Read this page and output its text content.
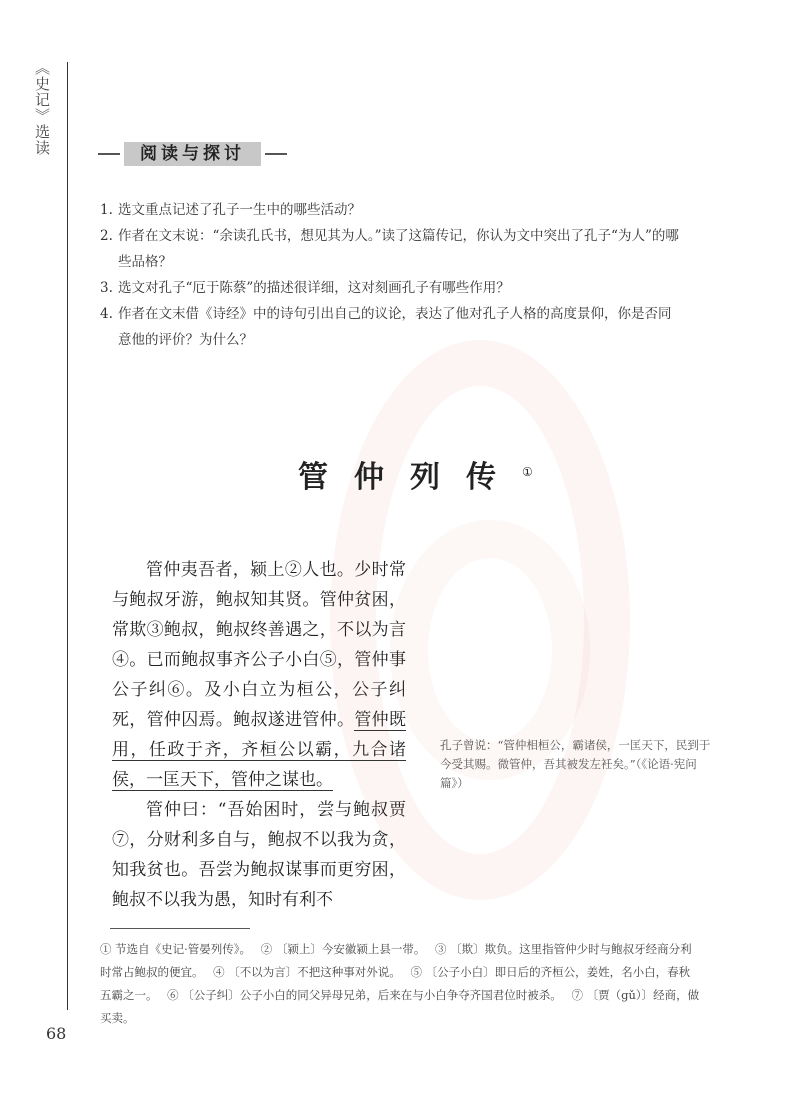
《史记》选读	阅读与探讨
1. 选文重点记述了孔子一生中的哪些活动？
2. 作者在文末说：“余读孔氏书，想见其为人。”读了这篇传记，你认为文中突出了孔子“为人”的哪些品格？
3. 选文对孔子“厄于陈蔡”的描述很详细，这对刻画孔子有哪些作用？
4. 作者在文末借《诗经》中的诗句引出自己的议论，表达了他对孔子人格的高度景仰，你是否同意他的评价？为什么？
管仲列传①

管仲夷吾者，颍上②人也。少时常与鲍叔牙游，鲍叔知其贤。管仲贫困，常欺③鲍叔，鲍叔终善遇之，不以为言④。已而鲍叔事齐公子小白⑤，管仲事公子纠⑥。及小白立为桓公，公子纠死，管仲囚焉。鲍叔遂进管仲。管仲既用，任政于齐，齐桓公以霸，九合诸侯，一匡天下，管仲之谋也。

管仲曰：“吾始困时，尝与鲍叔贾⑦，分财利多自与，鲍叔不以我为贪，知我贫也。吾尝为鲍叔谋事而更穷困，鲍叔不以我为愚，知时有利不

孔子曾说：“管仲相桓公，霸诸侯，一匡天下，民到于今受其赐。微管仲，吾其被发左衽矣。”（《论语·宪问篇》）
① 节选自《史记·管晏列传》。 ② 〔颍上〕今安徽颍上县一带。 ③ 〔欺〕欺负。这里指管仲少时与鲍叔牙经商分利时常占鲍叔的便宜。 ④ 〔不以为言〕不把这种事对外说。 ⑤ 〔公子小白〕即日后的齐桓公，姜姓，名小白，春秋五霸之一。 ⑥ 〔公子纠〕公子小白的同父异母兄弟，后来在与小白争夺齐国君位时被杀。 ⑦ 〔贾（gǔ）〕经商，做买卖。
68
